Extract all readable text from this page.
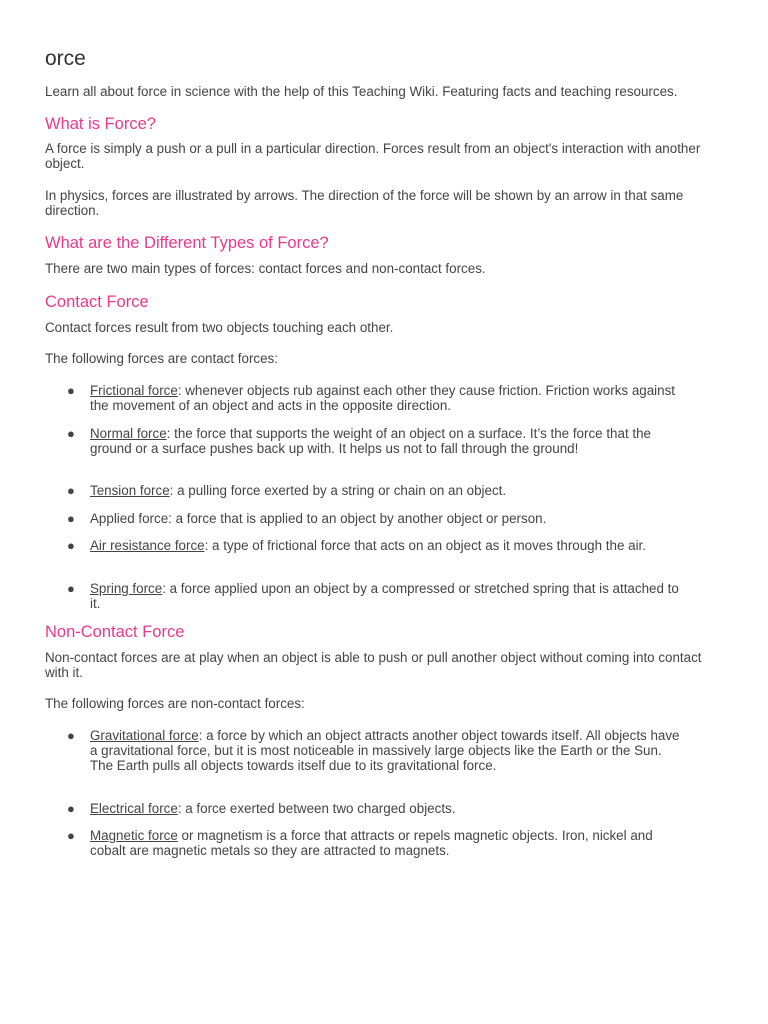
orce

Learn all about force in science with the help of this Teaching Wiki. Featuring facts and teaching resources.

What is Force?

A force is simply a push or a pull in a particular direction. Forces result from an object's interaction with another object.

In physics, forces are illustrated by arrows. The direction of the force will be shown by an arrow in that same direction.

What are the Different Types of Force?

There are two main types of forces: contact forces and non-contact forces.

Contact Force

Contact forces result from two objects touching each other.

The following forces are contact forces:

● Frictional force: whenever objects rub against each other they cause friction. Friction works against the movement of an object and acts in the opposite direction.
● Normal force: the force that supports the weight of an object on a surface. It’s the force that the ground or a surface pushes back up with. It helps us not to fall through the ground!
● Tension force: a pulling force exerted by a string or chain on an object.
● Applied force: a force that is applied to an object by another object or person.
● Air resistance force: a type of frictional force that acts on an object as it moves through the air.
● Spring force: a force applied upon an object by a compressed or stretched spring that is attached to it.
Non-Contact Force

Non-contact forces are at play when an object is able to push or pull another object without coming into contact with it.

The following forces are non-contact forces:

● Gravitational force: a force by which an object attracts another object towards itself. All objects have a gravitational force, but it is most noticeable in massively large objects like the Earth or the Sun. The Earth pulls all objects towards itself due to its gravitational force.
● Electrical force: a force exerted between two charged objects.
● Magnetic force or magnetism is a force that attracts or repels magnetic objects. Iron, nickel and cobalt are magnetic metals so they are attracted to magnets.
